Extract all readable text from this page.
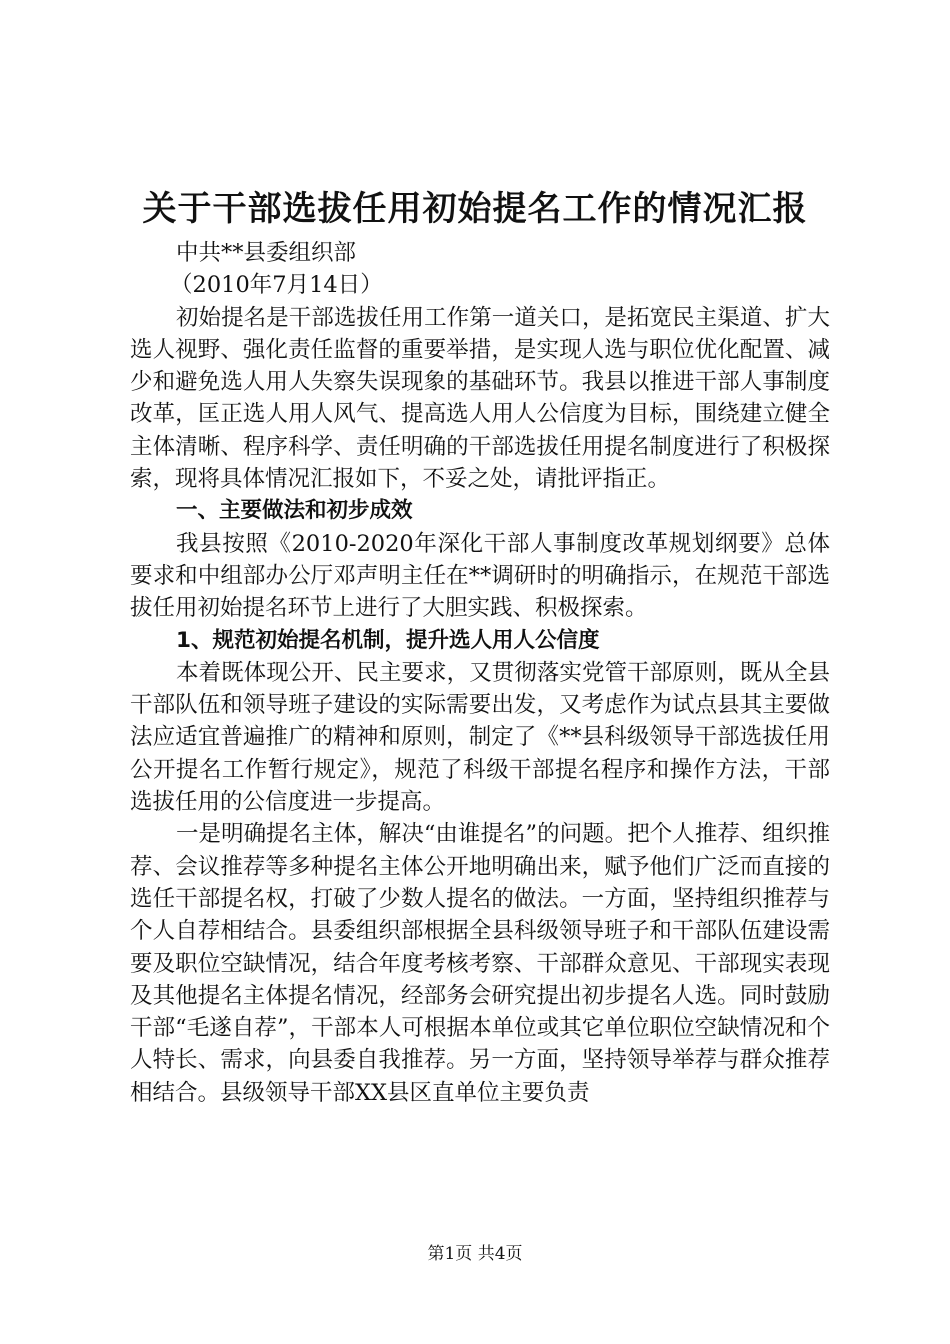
关于干部选拔任用初始提名工作的情况汇报

中共**县委组织部

（2010年7月14日）

初始提名是干部选拔任用工作第一道关口，是拓宽民主渠道、扩大选人视野、强化责任监督的重要举措，是实现人选与职位优化配置、减少和避免选人用人失察失误现象的基础环节。我县以推进干部人事制度改革，匡正选人用人风气、提高选人用人公信度为目标，围绕建立健全主体清晰、程序科学、责任明确的干部选拔任用提名制度进行了积极探索，现将具体情况汇报如下，不妥之处，请批评指正。

一、主要做法和初步成效

我县按照《2010-2020年深化干部人事制度改革规划纲要》总体要求和中组部办公厅邓声明主任在**调研时的明确指示，在规范干部选拔任用初始提名环节上进行了大胆实践、积极探索。

1、规范初始提名机制，提升选人用人公信度

本着既体现公开、民主要求，又贯彻落实党管干部原则，既从全县干部队伍和领导班子建设的实际需要出发，又考虑作为试点县其主要做法应适宜普遍推广的精神和原则，制定了《**县科级领导干部选拔任用公开提名工作暂行规定》，规范了科级干部提名程序和操作方法，干部选拔任用的公信度进一步提高。

一是明确提名主体，解决“由谁提名”的问题。把个人推荐、组织推荐、会议推荐等多种提名主体公开地明确出来，赋予他们广泛而直接的选任干部提名权，打破了少数人提名的做法。一方面，坚持组织推荐与个人自荐相结合。县委组织部根据全县科级领导班子和干部队伍建设需要及职位空缺情况，结合年度考核考察、干部群众意见、干部现实表现及其他提名主体提名情况，经部务会研究提出初步提名人选。同时鼓励干部“毛遂自荐”，干部本人可根据本单位或其它单位职位空缺情况和个人特长、需求，向县委自我推荐。另一方面，坚持领导举荐与群众推荐相结合。县级领导干部XX县区直单位主要负责

第1页 共4页
